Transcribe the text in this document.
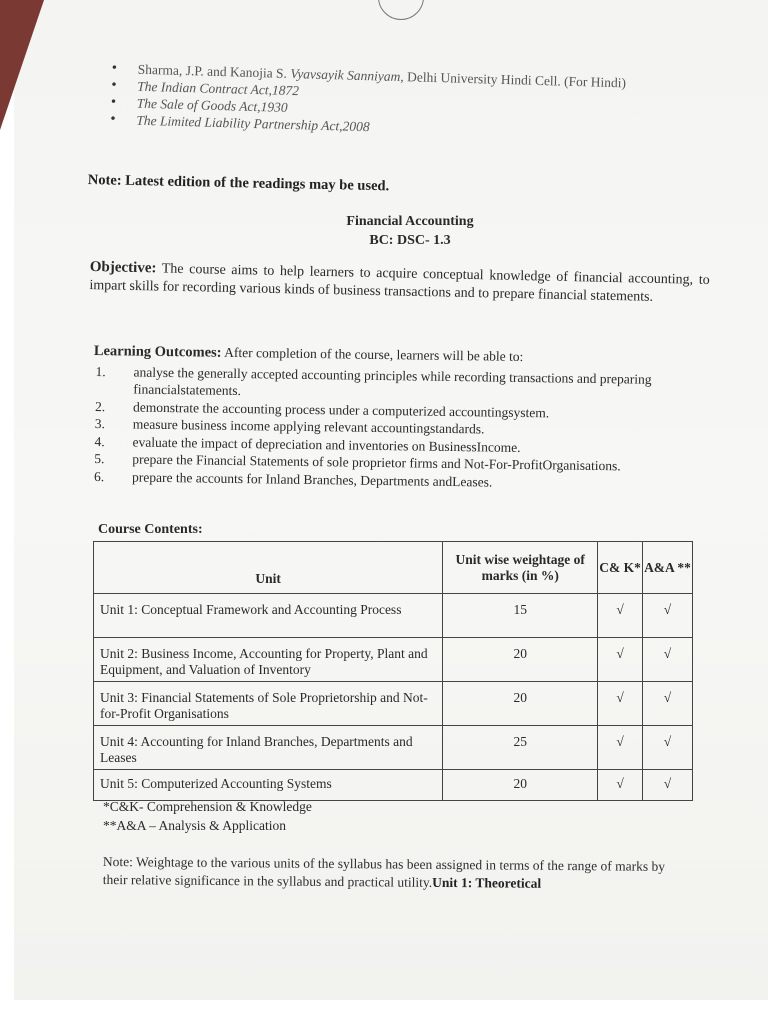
• Sharma, J.P. and Kanojia S. Vyavsayik Sanniyam, Delhi University Hindi Cell. (For Hindi)
• The Indian Contract Act,1872
• The Sale of Goods Act,1930
• The Limited Liability Partnership Act,2008
Note: Latest edition of the readings may be used.
Financial Accounting
BC: DSC- 1.3
Objective: The course aims to help learners to acquire conceptual knowledge of financial accounting, to impart skills for recording various kinds of business transactions and to prepare financial statements.
Learning Outcomes: After completion of the course, learners will be able to:
1. analyse the generally accepted accounting principles while recording transactions and preparing financialstatements.
2. demonstrate the accounting process under a computerized accountingsystem.
3. measure business income applying relevant accountingstandards.
4. evaluate the impact of depreciation and inventories on BusinessIncome.
5. prepare the Financial Statements of sole proprietor firms and Not-For-ProfitOrganisations.
6. prepare the accounts for Inland Branches, Departments andLeases.
Course Contents:
Unit	Unit wise weightage of marks (in %)	C& K*	A&A **
Unit 1: Conceptual Framework and Accounting Process	15	√	√
Unit 2: Business Income, Accounting for Property, Plant and Equipment, and Valuation of Inventory	20	√	√
Unit 3: Financial Statements of Sole Proprietorship and Not-for-Profit Organisations	20	√	√
Unit 4: Accounting for Inland Branches, Departments and Leases	25	√	√
Unit 5: Computerized Accounting Systems	20	√	√
*C&K- Comprehension & Knowledge
**A&A – Analysis & Application
Note: Weightage to the various units of the syllabus has been assigned in terms of the range of marks by their relative significance in the syllabus and practical utility.Unit 1: Theoretical
